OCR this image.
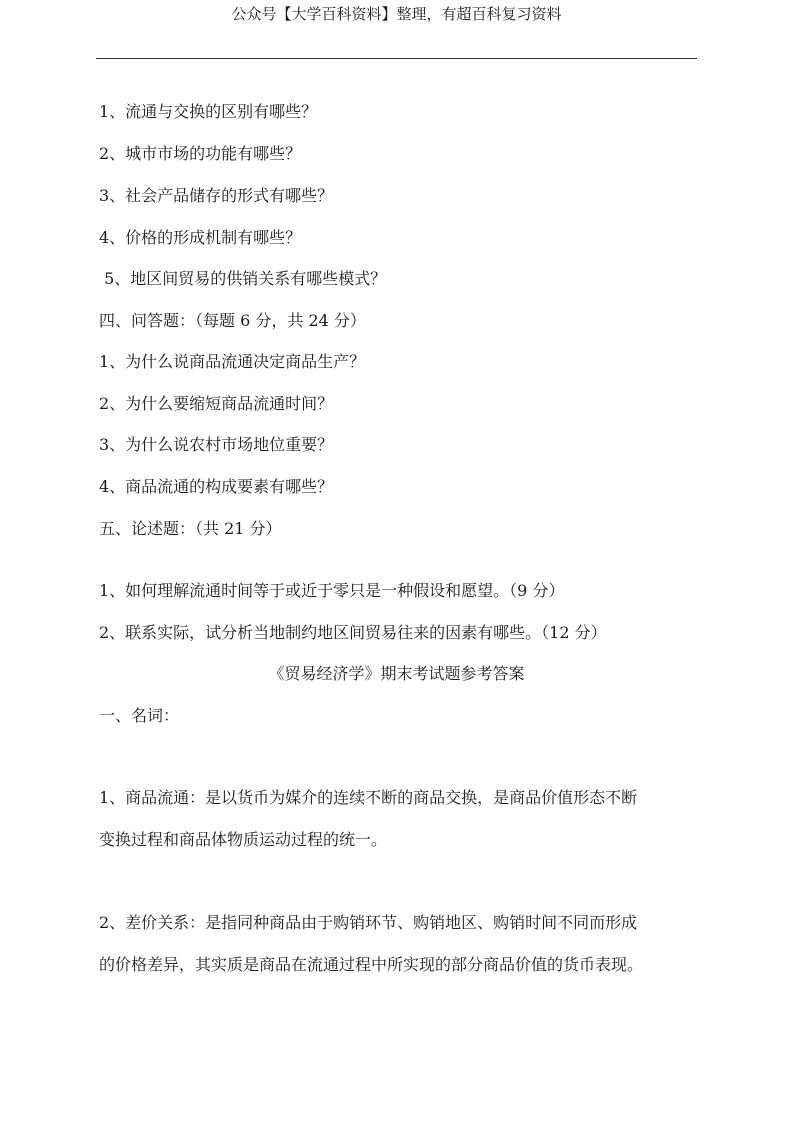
公众号【大学百科资料】整理，有超百科复习资料
1、流通与交换的区别有哪些？
2、城市市场的功能有哪些？
3、社会产品储存的形式有哪些？
4、价格的形成机制有哪些？
5、地区间贸易的供销关系有哪些模式？
四、问答题：（每题 6 分，共 24 分）
1、为什么说商品流通决定商品生产？
2、为什么要缩短商品流通时间？
3、为什么说农村市场地位重要？
4、商品流通的构成要素有哪些？
五、论述题：（共 21 分）
1、如何理解流通时间等于或近于零只是一种假设和愿望。（9 分）
2、联系实际，试分析当地制约地区间贸易往来的因素有哪些。（12 分）
《贸易经济学》期末考试题参考答案
一、名词：
1、商品流通：是以货币为媒介的连续不断的商品交换，是商品价值形态不断
变换过程和商品体物质运动过程的统一。
2、差价关系：是指同种商品由于购销环节、购销地区、购销时间不同而形成
的价格差异，其实质是商品在流通过程中所实现的部分商品价值的货币表现。
